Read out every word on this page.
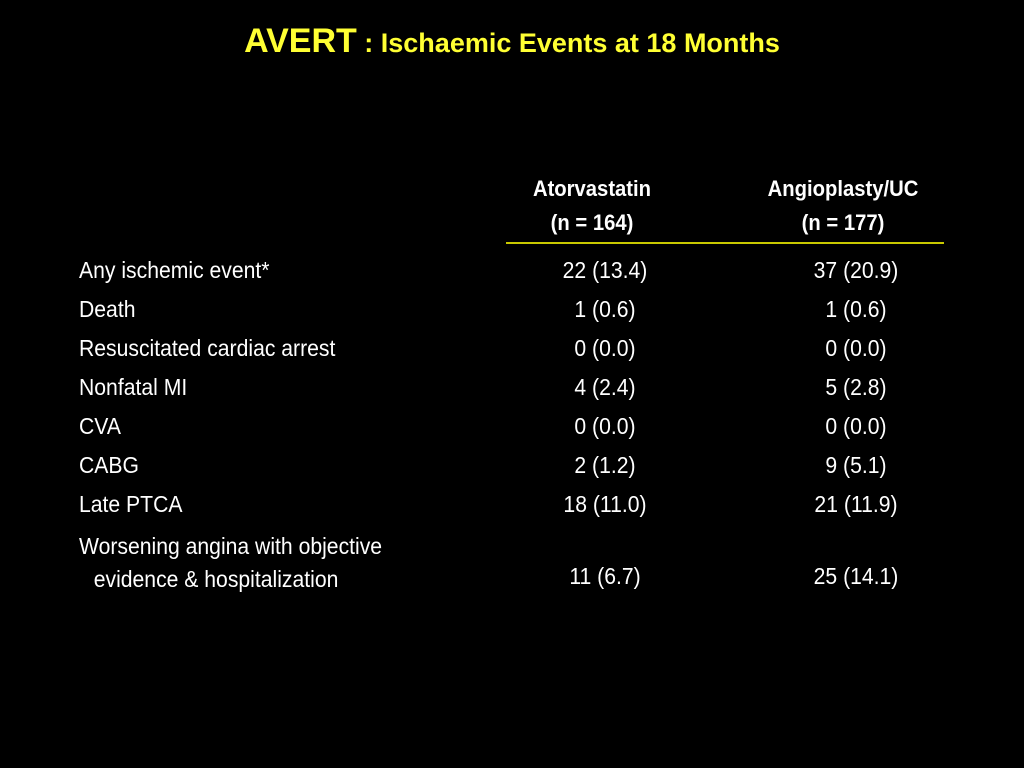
AVERT : Ischaemic Events at 18 Months
Atorvastatin
(n = 164)
Angioplasty/UC
(n = 177)
Any ischemic event*	22 (13.4)	37 (20.9)
Death	1 (0.6)	1 (0.6)
Resuscitated cardiac arrest	0 (0.0)	0 (0.0)
Nonfatal MI	4 (2.4)	5 (2.8)
CVA	0 (0.0)	0 (0.0)
CABG	2 (1.2)	9 (5.1)
Late PTCA	18 (11.0)	21 (11.9)
Worsening angina with objective
evidence & hospitalization	11 (6.7)	25 (14.1)
